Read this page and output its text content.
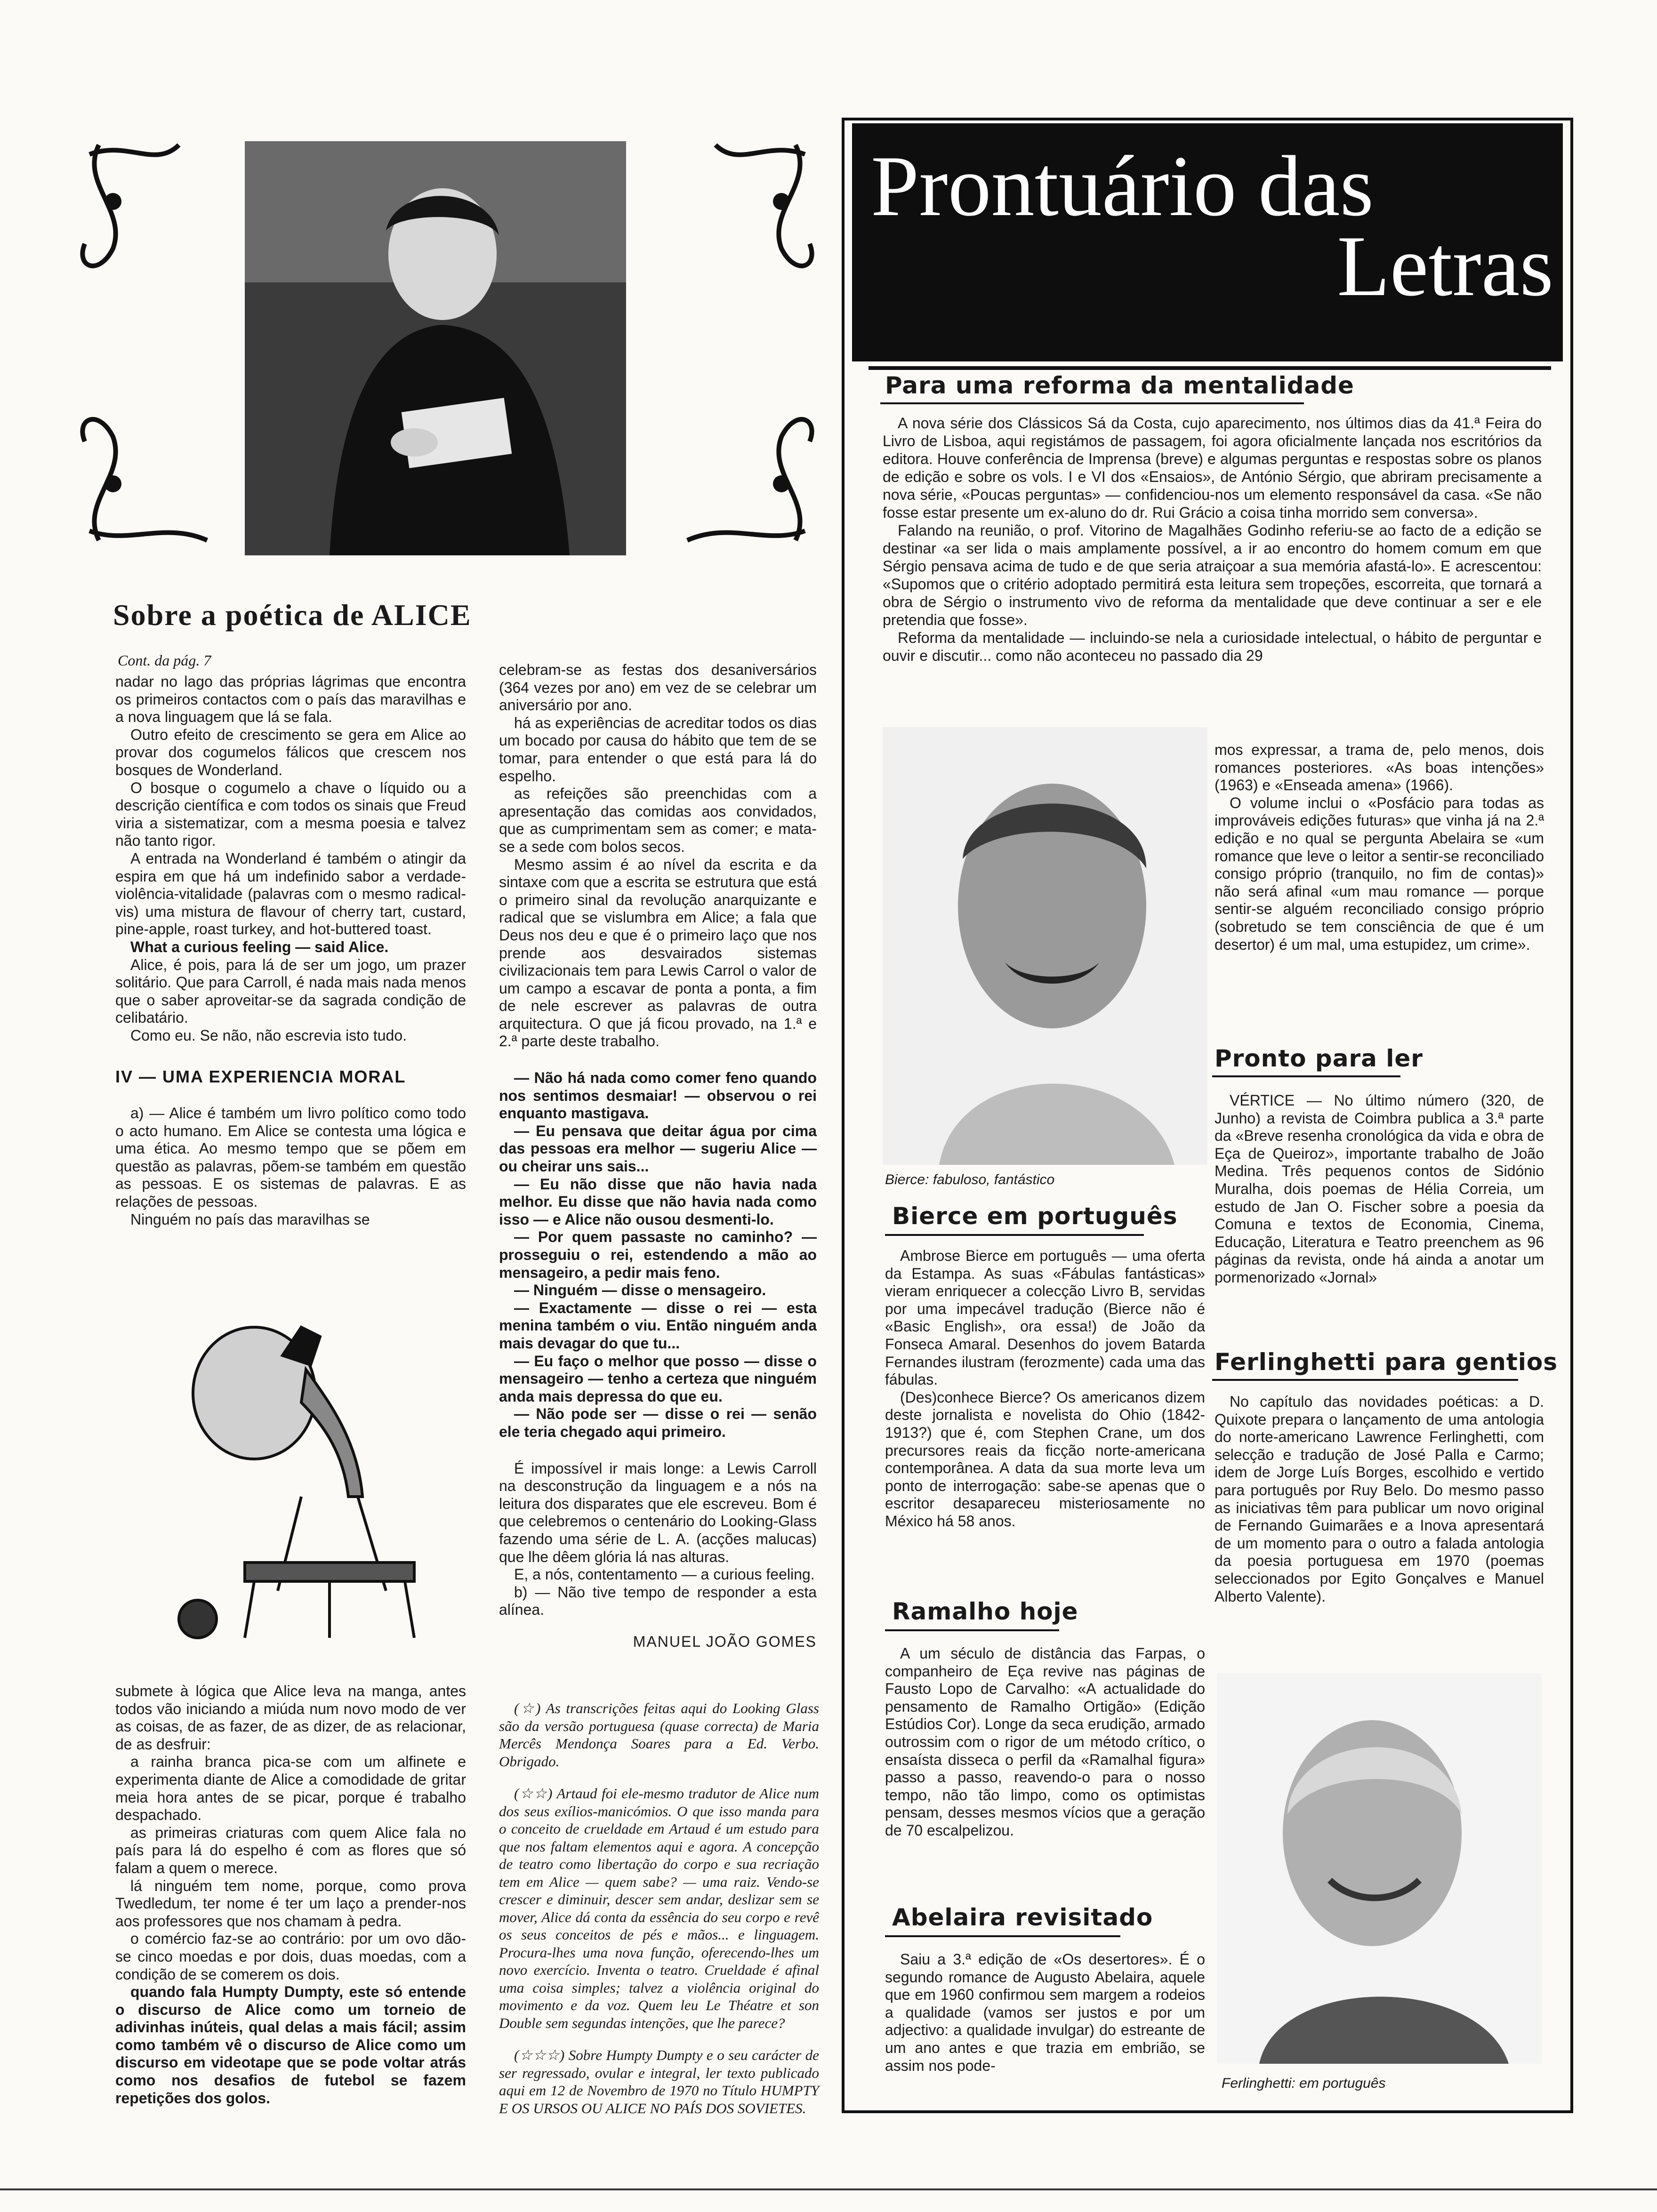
Sobre a poética de ALICE
Cont. da pág. 7

nadar no lago das próprias lágrimas que encontra os primeiros contactos com o país das maravilhas e a nova linguagem que lá se fala.

Outro efeito de crescimento se gera em Alice ao provar dos cogumelos fálicos que crescem nos bosques de Wonderland.

O bosque o cogumelo a chave o líquido ou a descrição científica e com todos os sinais que Freud viria a sistematizar, com a mesma poesia e talvez não tanto rigor.

A entrada na Wonderland é também o atingir da espira em que há um indefinido sabor a verdade-violência-vitalidade (palavras com o mesmo radical-vis) uma mistura de flavour of cherry tart, custard, pine-apple, roast turkey, and hot-buttered toast.

What a curious feeling — said Alice.

Alice, é pois, para lá de ser um jogo, um prazer solitário. Que para Carroll, é nada mais nada menos que o saber aproveitar-se da sagrada condição de celibatário.

Como eu. Se não, não escrevia isto tudo.

IV — UMA EXPERIENCIA MORAL

a) — Alice é também um livro político como todo o acto humano. Em Alice se contesta uma lógica e uma ética. Ao mesmo tempo que se põem em questão as palavras, põem-se também em questão as pessoas. E os sistemas de palavras. E as relações de pessoas.

Ninguém no país das maravilhas se

celebram-se as festas dos desaniversários (364 vezes por ano) em vez de se celebrar um aniversário por ano.

há as experiências de acreditar todos os dias um bocado por causa do hábito que tem de se tomar, para entender o que está para lá do espelho.

as refeições são preenchidas com a apresentação das comidas aos convidados, que as cumprimentam sem as comer; e mata-se a sede com bolos secos.

Mesmo assim é ao nível da escrita e da sintaxe com que a escrita se estrutura que está o primeiro sinal da revolução anarquizante e radical que se vislumbra em Alice; a fala que Deus nos deu e que é o primeiro laço que nos prende aos desvairados sistemas civilizacionais tem para Lewis Carrol o valor de um campo a escavar de ponta a ponta, a fim de nele escrever as palavras de outra arquitectura. O que já ficou provado, na 1.ª e 2.ª parte deste trabalho.

— Não há nada como comer feno quando nos sentimos desmaiar! — observou o rei enquanto mastigava.

— Eu pensava que deitar água por cima das pessoas era melhor — sugeriu Alice — ou cheirar uns sais...

— Eu não disse que não havia nada melhor. Eu disse que não havia nada como isso — e Alice não ousou desmenti-lo.

— Por quem passaste no caminho? — prosseguiu o rei, estendendo a mão ao mensageiro, a pedir mais feno.

— Ninguém — disse o mensageiro.

— Exactamente — disse o rei — esta menina também o viu. Então ninguém anda mais devagar do que tu...

— Eu faço o melhor que posso — disse o mensageiro — tenho a certeza que ninguém anda mais depressa do que eu.

— Não pode ser — disse o rei — senão ele teria chegado aqui primeiro.

É impossível ir mais longe: a Lewis Carroll na desconstrução da linguagem e a nós na leitura dos disparates que ele escreveu. Bom é que celebremos o centenário do Looking-Glass fazendo uma série de L. A. (acções malucas) que lhe dêem glória lá nas alturas.

E, a nós, contentamento — a curious feeling.

b) — Não tive tempo de responder a esta alínea.

MANUEL JOÃO GOMES

submete à lógica que Alice leva na manga, antes todos vão iniciando a miúda num novo modo de ver as coisas, de as fazer, de as dizer, de as relacionar, de as desfruir:

a rainha branca pica-se com um alfinete e experimenta diante de Alice a comodidade de gritar meia hora antes de se picar, porque é trabalho despachado.

as primeiras criaturas com quem Alice fala no país para lá do espelho é com as flores que só falam a quem o merece.

lá ninguém tem nome, porque, como prova Twedledum, ter nome é ter um laço a prender-nos aos professores que nos chamam à pedra.

o comércio faz-se ao contrário: por um ovo dão-se cinco moedas e por dois, duas moedas, com a condição de se comerem os dois.

quando fala Humpty Dumpty, este só entende o discurso de Alice como um torneio de adivinhas inúteis, qual delas a mais fácil; assim como também vê o discurso de Alice como um discurso em videotape que se pode voltar atrás como nos desafios de futebol se fazem repetições dos golos.

(☆) As transcrições feitas aqui do Looking Glass são da versão portuguesa (quase correcta) de Maria Mercês Mendonça Soares para a Ed. Verbo. Obrigado.

(☆☆) Artaud foi ele-mesmo tradutor de Alice num dos seus exílios-manicómios. O que isso manda para o conceito de crueldade em Artaud é um estudo para que nos faltam elementos aqui e agora. A concepção de teatro como libertação do corpo e sua recriação tem em Alice — quem sabe? — uma raiz. Vendo-se crescer e diminuir, descer sem andar, deslizar sem se mover, Alice dá conta da essência do seu corpo e revê os seus conceitos de pés e mãos... e linguagem. Procura-lhes uma nova função, oferecendo-lhes um novo exercício. Inventa o teatro. Crueldade é afinal uma coisa simples; talvez a violência original do movimento e da voz. Quem leu Le Théatre et son Double sem segundas intenções, que lhe parece?

(☆☆☆) Sobre Humpty Dumpty e o seu carácter de ser regressado, ovular e integral, ler texto publicado aqui em 12 de Novembro de 1970 no Título HUMPTY E OS URSOS OU ALICE NO PAÍS DOS SOVIETES.

Prontuário das
Letras
Para uma reforma da mentalidade

A nova série dos Clássicos Sá da Costa, cujo aparecimento, nos últimos dias da 41.ª Feira do Livro de Lisboa, aqui registámos de passagem, foi agora oficialmente lançada nos escritórios da editora. Houve conferência de Imprensa (breve) e algumas perguntas e respostas sobre os planos de edição e sobre os vols. I e VI dos «Ensaios», de António Sérgio, que abriram precisamente a nova série, «Poucas perguntas» — confidenciou-nos um elemento responsável da casa. «Se não fosse estar presente um ex-aluno do dr. Rui Grácio a coisa tinha morrido sem conversa».

Falando na reunião, o prof. Vitorino de Magalhães Godinho referiu-se ao facto de a edição se destinar «a ser lida o mais amplamente possível, a ir ao encontro do homem comum em que Sérgio pensava acima de tudo e de que seria atraiçoar a sua memória afastá-lo». E acrescentou: «Supomos que o critério adoptado permitirá esta leitura sem tropeções, escorreita, que tornará a obra de Sérgio o instrumento vivo de reforma da mentalidade que deve continuar a ser e ele pretendia que fosse».

Reforma da mentalidade — incluindo-se nela a curiosidade intelectual, o hábito de perguntar e ouvir e discutir... como não aconteceu no passado dia 29

Bierce: fabuloso, fantástico

mos expressar, a trama de, pelo menos, dois romances posteriores. «As boas intenções» (1963) e «Enseada amena» (1966).

O volume inclui o «Posfácio para todas as improváveis edições futuras» que vinha já na 2.ª edição e no qual se pergunta Abelaira se «um romance que leve o leitor a sentir-se reconciliado consigo próprio (tranquilo, no fim de contas)» não será afinal «um mau romance — porque sentir-se alguém reconciliado consigo próprio (sobretudo se tem consciência de que é um desertor) é um mal, uma estupidez, um crime».

Bierce em português

Ambrose Bierce em português — uma oferta da Estampa. As suas «Fábulas fantásticas» vieram enriquecer a colecção Livro B, servidas por uma impecável tradução (Bierce não é «Basic English», ora essa!) de João da Fonseca Amaral. Desenhos do jovem Batarda Fernandes ilustram (ferozmente) cada uma das fábulas.

(Des)conhece Bierce? Os americanos dizem deste jornalista e novelista do Ohio (1842-1913?) que é, com Stephen Crane, um dos precursores reais da ficção norte-americana contemporânea. A data da sua morte leva um ponto de interrogação: sabe-se apenas que o escritor desapareceu misteriosamente no México há 58 anos.

Pronto para ler

VÉRTICE — No último número (320, de Junho) a revista de Coimbra publica a 3.ª parte da «Breve resenha cronológica da vida e obra de Eça de Queiroz», importante trabalho de João Medina. Três pequenos contos de Sidónio Muralha, dois poemas de Hélia Correia, um estudo de Jan O. Fischer sobre a poesia da Comuna e textos de Economia, Cinema, Educação, Literatura e Teatro preenchem as 96 páginas da revista, onde há ainda a anotar um pormenorizado «Jornal»

Ferlinghetti para gentios

No capítulo das novidades poéticas: a D. Quixote prepara o lançamento de uma antologia do norte-americano Lawrence Ferlinghetti, com selecção e tradução de José Palla e Carmo; idem de Jorge Luís Borges, escolhido e vertido para português por Ruy Belo. Do mesmo passo as iniciativas têm para publicar um novo original de Fernando Guimarães e a Inova apresentará de um momento para o outro a falada antologia da poesia portuguesa em 1970 (poemas seleccionados por Egito Gonçalves e Manuel Alberto Valente).

Ramalho hoje

A um século de distância das Farpas, o companheiro de Eça revive nas páginas de Fausto Lopo de Carvalho: «A actualidade do pensamento de Ramalho Ortigão» (Edição Estúdios Cor). Longe da seca erudição, armado outrossim com o rigor de um método crítico, o ensaísta disseca o perfil da «Ramalhal figura» passo a passo, reavendo-o para o nosso tempo, não tão limpo, como os optimistas pensam, desses mesmos vícios que a geração de 70 escalpelizou.

Abelaira revisitado

Saiu a 3.ª edição de «Os desertores». É o segundo romance de Augusto Abelaira, aquele que em 1960 confirmou sem margem a rodeios a qualidade (vamos ser justos e por um adjectivo: a qualidade invulgar) do estreante de um ano antes e que trazia em embrião, se assim nos pode-

Ferlinghetti: em português
